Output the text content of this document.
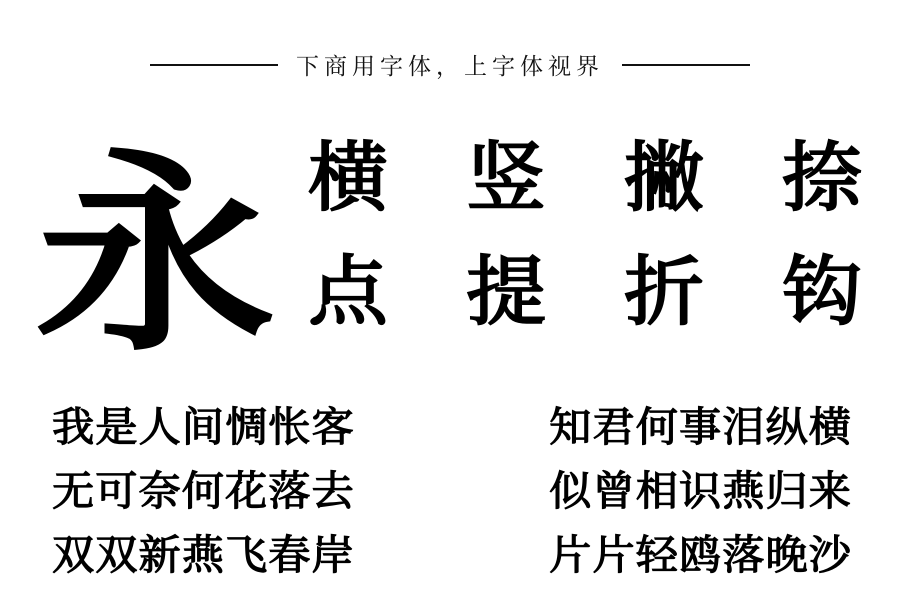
下商用字体，上字体视界
永 横 竖 撇 捺
点 提 折 钩
我是人间惆怅客	知君何事泪纵横
无可奈何花落去	似曾相识燕归来
双双新燕飞春岸	片片轻鸥落晚沙
